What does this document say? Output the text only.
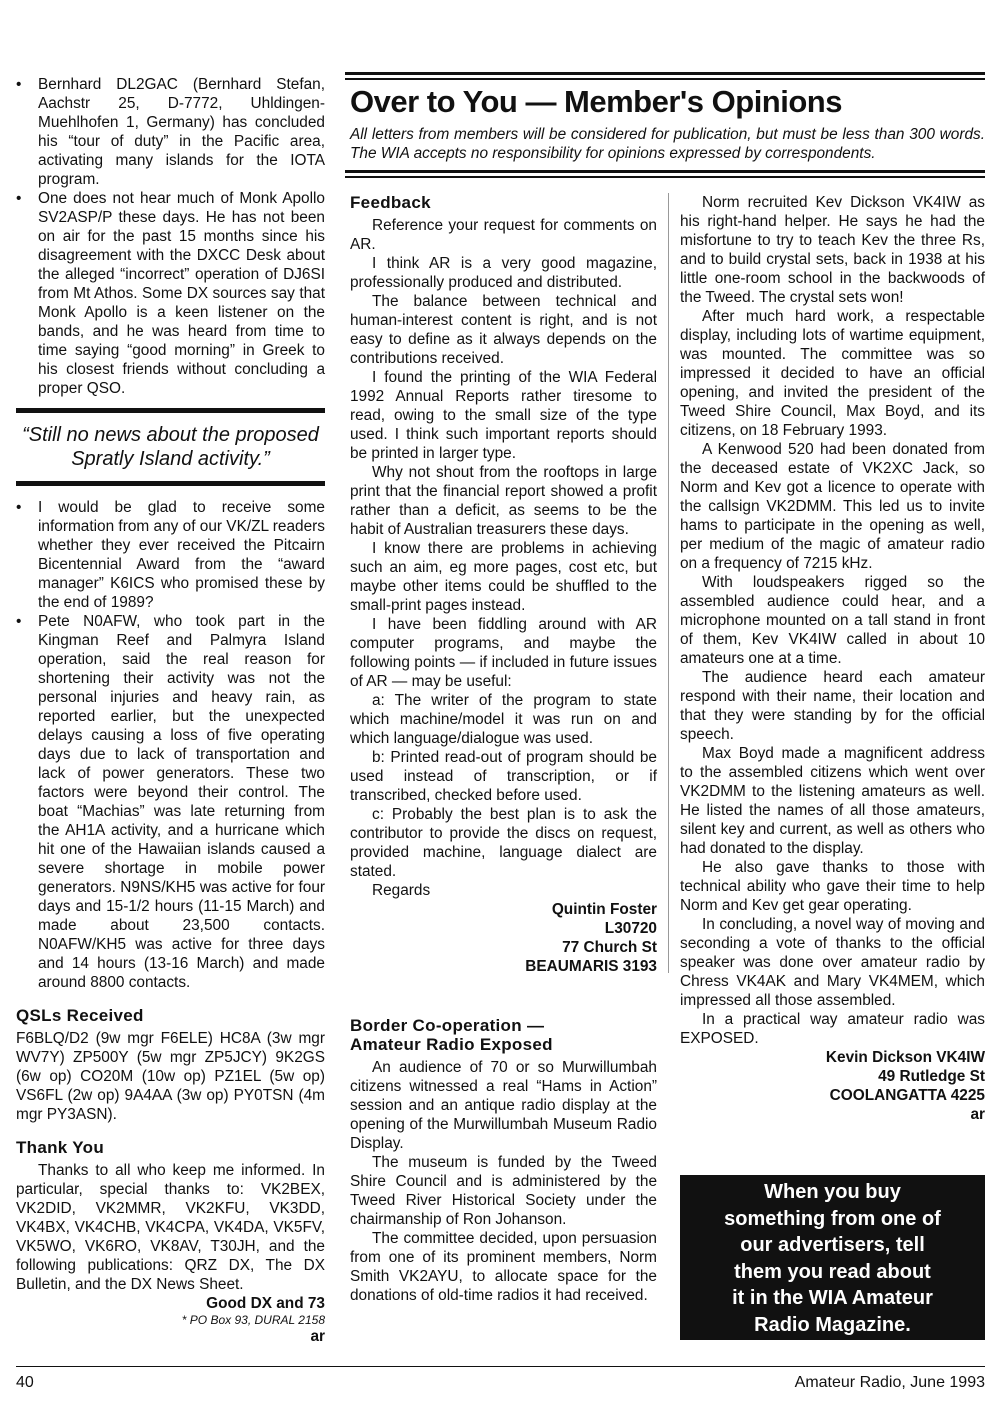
•	Bernhard DL2GAC (Bernhard Stefan, Aachstr 25, D-7772, Uhldingen-Muehlhofen 1, Germany) has concluded his “tour of duty” in the Pacific area, activating many islands for the IOTA program.
•	One does not hear much of Monk Apollo SV2ASP/P these days. He has not been on air for the past 15 months since his disagreement with the DXCC Desk about the alleged “incorrect” operation of DJ6SI from Mt Athos. Some DX sources say that Monk Apollo is a keen listener on the bands, and he was heard from time to time saying “good morning” in Greek to his closest friends without concluding a proper QSO.
“Still no news about the proposed Spratly Island activity.”
•	I would be glad to receive some information from any of our VK/ZL readers whether they ever received the Pitcairn Bicentennial Award from the “award manager” K6ICS who promised these by the end of 1989?
•	Pete N0AFW, who took part in the Kingman Reef and Palmyra Island operation, said the real reason for shortening their activity was not the personal injuries and heavy rain, as reported earlier, but the unexpected delays causing a loss of five operating days due to lack of transportation and lack of power generators. These two factors were beyond their control. The boat “Machias” was late returning from the AH1A activity, and a hurricane which hit one of the Hawaiian islands caused a severe shortage in mobile power generators. N9NS/KH5 was active for four days and 15-1/2 hours (11-15 March) and made about 23,500 contacts. N0AFW/KH5 was active for three days and 14 hours (13-16 March) and made around 8800 contacts.
QSLs Received

F6BLQ/D2 (9w mgr F6ELE) HC8A (3w mgr WV7Y) ZP500Y (5w mgr ZP5JCY) 9K2GS (6w op) CO20M (10w op) PZ1EL (5w op) VS6FL (2w op) 9A4AA (3w op) PY0TSN (4m mgr PY3ASN).

Thank You

Thanks to all who keep me informed. In particular, special thanks to: VK2BEX, VK2DID, VK2MMR, VK2KFU, VK3DD, VK4BX, VK4CHB, VK4CPA, VK4DA, VK5FV, VK5WO, VK6RO, VK8AV, T30JH, and the following publications: QRZ DX, The DX Bulletin, and the DX News Sheet.

Good DX and 73
* PO Box 93, DURAL 2158
ar
Over to You — Member's Opinions

All letters from members will be considered for publication, but must be less than 300 words. The WIA accepts no responsibility for opinions expressed by correspondents.

Feedback

Reference your request for comments on AR.

I think AR is a very good magazine, professionally produced and distributed.

The balance between technical and human-interest content is right, and is not easy to define as it always depends on the contributions received.

I found the printing of the WIA Federal 1992 Annual Reports rather tiresome to read, owing to the small size of the type used. I think such important reports should be printed in larger type.

Why not shout from the rooftops in large print that the financial report showed a profit rather than a deficit, as seems to be the habit of Australian treasurers these days.

I know there are problems in achieving such an aim, eg more pages, cost etc, but maybe other items could be shuffled to the small-print pages instead.

I have been fiddling around with AR computer programs, and maybe the following points — if included in future issues of AR — may be useful:

a: The writer of the program to state which machine/model it was run on and which language/dialogue was used.

b: Printed read-out of program should be used instead of transcription, or if transcribed, checked before used.

c: Probably the best plan is to ask the contributor to provide the discs on request, provided machine, language dialect are stated.

Regards

Quintin Foster
L30720
77 Church St
BEAUMARIS 3193
Border Co-operation —
Amateur Radio Exposed

An audience of 70 or so Murwillumbah citizens witnessed a real “Hams in Action” session and an antique radio display at the opening of the Murwillumbah Museum Radio Display.

The museum is funded by the Tweed Shire Council and is administered by the Tweed River Historical Society under the chairmanship of Ron Johanson.

The committee decided, upon persuasion from one of its prominent members, Norm Smith VK2AYU, to allocate space for the donations of old-time radios it had received.

Norm recruited Kev Dickson VK4IW as his right-hand helper. He says he had the misfortune to try to teach Kev the three Rs, and to build crystal sets, back in 1938 at his little one-room school in the backwoods of the Tweed. The crystal sets won!

After much hard work, a respectable display, including lots of wartime equipment, was mounted. The committee was so impressed it decided to have an official opening, and invited the president of the Tweed Shire Council, Max Boyd, and its citizens, on 18 February 1993.

A Kenwood 520 had been donated from the deceased estate of VK2XC Jack, so Norm and Kev got a licence to operate with the callsign VK2DMM. This led us to invite hams to participate in the opening as well, per medium of the magic of amateur radio on a frequency of 7215 kHz.

With loudspeakers rigged so the assembled audience could hear, and a microphone mounted on a tall stand in front of them, Kev VK4IW called in about 10 amateurs one at a time.

The audience heard each amateur respond with their name, their location and that they were standing by for the official speech.

Max Boyd made a magnificent address to the assembled citizens which went over VK2DMM to the listening amateurs as well. He listed the names of all those amateurs, silent key and current, as well as others who had donated to the display.

He also gave thanks to those with technical ability who gave their time to help Norm and Kev get gear operating.

In concluding, a novel way of moving and seconding a vote of thanks to the official speaker was done over amateur radio by Chress VK4AK and Mary VK4MEM, which impressed all those assembled.

In a practical way amateur radio was EXPOSED.

Kevin Dickson VK4IW
49 Rutledge St
COOLANGATTA 4225
ar
When you buy
something from one of
our advertisers, tell
them you read about
it in the WIA Amateur
Radio Magazine.
40	Amateur Radio, June 1993
